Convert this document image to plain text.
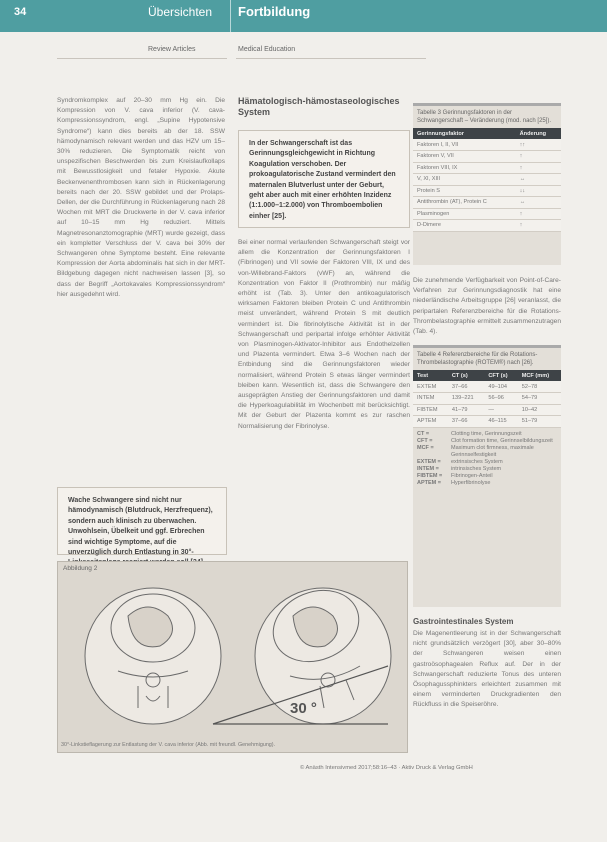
34	Übersichten Fortbildung
Review Articles	Medical Education
Syndromkomplex auf 20–30 mm Hg ein. Die Kompression von V. cava inferior (V. cava-Kompressionssyndrom, engl. „Supine Hypotensive Syndrome“) kann dies bereits ab der 18. SSW hämodynamisch relevant werden und das HZV um 15–30% reduzieren. Die Symptomatik reicht von unspezifischen Beschwerden bis zum Kreislaufkollaps mit Bewusstlosigkeit und fetaler Hypoxie. Akute Beckenvenenthrombosen kann sich in Rückenlagerung bereits nach der 20. SSW gebildet und der Prolaps-Dellen, der die Durchführung in Rückenlagerung nach 28 Wochen mit MRT die Druckwerte in der V. cava inferior auf 10–15 mm Hg reduziert. Mittels Magnetresonanztomographie (MRT) wurde gezeigt, dass ein kompletter Verschluss der V. cava bei 30% der Schwangeren ohne Symptome besteht. Eine relevante Kompression der Aorta abdominalis hat sich in der MRT-Bildgebung dagegen nicht nachweisen lassen [3], so dass der Begriff „Aortokavales Kompressionssyndrom“ hier ausgedehnt wird.
Wache Schwangere sind nicht nur hämodynamisch (Blutdruck, Herzfrequenz), sondern auch klinisch zu überwachen. Unwohlsein, Übelkeit und ggf. Erbrechen sind wichtige Symptome, auf die unverzüglich durch Entlastung in 30°-
Hämatologisch-hämostaseologisches System
In der Schwangerschaft ist das Gerinnungsgleichgewicht in Richtung Koagulation verschoben. Der prokoagulatorische Zustand vermindert den maternalen Blutverlust unter der Geburt, geht aber auch mit einer erhöhten Inzidenz (1:1.000–1:2.000) von Thromboembolien einher [25].
Bei einer normal verlaufenden Schwangerschaft steigt vor allem die Konzentration der Gerinnungsfaktoren I (Fibrinogen) und VII sowie der Faktoren VIII, IX und des von-Willebrand-Faktors (vWF) an, während die Konzentration von Faktor II (Prothrombin) nur mäßig erhöht ist (Tab. 3). Unter den antikoagulatorisch wirksamen Faktoren bleiben Protein C und Antithrombin meist unverändert, während Protein S mit deutlich vermindert ist. Die fibrinolytische Aktivität ist in der Schwangerschaft und peripartal infolge erhöhter Aktivität von Plasminogen-Aktivator-Inhibitor aus Endothelzellen und Plazenta vermindert. Etwa 3–6 Wochen nach der Entbindung sind die Gerinnungsfaktoren wieder normalisiert, während Protein S etwas länger vermindert bleiben kann. Wesentlich ist, dass die Schwangere den ausgeprägten Anstieg der Gerinnungsfaktoren und damit die Hyperkoagulabilität im Wochenbett mit berücksichtigt. Mit der Geburt der Plazenta kommt es zur raschen Normalisierung der Fibrinolyse.
Tabelle 3 Gerinnungsfaktoren in der Schwangerschaft – Veränderung (mod. nach [25]).
Gerinnungsfaktor	Änderung
Faktoren I, II, VII	↑↑
Faktoren V, VII	↑
Faktoren VIII, IX	↑
V, XI, XIII	↔
Protein S	↓↓
Antithrombin (AT), Protein C	↔
Plasminogen	↑
D-Dimere	↑
Die zunehmende Verfügbarkeit von Point-of-Care-Verfahren zur Gerinnungsdiagnostik hat eine niederländische Arbeitsgruppe [26] veranlasst, die peripartalen Referenzbereiche für die Rotations-Thrombelastographie ermittelt zusammenzutragen (Tab. 4).
Tabelle 4 Referenzbereiche für die Rotations-Thrombelastographie (ROTEM®) nach [26].
Test	CT (s)	CFT (s)	MCF (mm)
EXTEM	37–66	49–104	52–78
INTEM	139–221	56–96	54–79
FIBTEM	41–79	—	10–42
APTEM	37–66	46–115	51–79
CT =	Clotting time, Gerinnungszeit
CFT =	Clot formation time, Gerinnselbildungszeit
MCF =	Maximum clot firmness, maximale Gerinnselfestigkeit
EXTEM =	extrinsisches System
INTEM =	intrinsisches System
FIBTEM =	Fibrinogen-Anteil
APTEM =	Hyperfibrinolyse
Gastrointestinales System
Die Magenentleerung ist in der Schwangerschaft nicht grundsätzlich verzögert [30], aber 30–80% der Schwangeren weisen einen gastroösophagealen Reflux auf. Der in der Schwangerschaft reduzierte Tonus des unteren Ösophagussphinkters erleichtert zusammen mit einem verminderten Druckgradienten den Rückfluss in die Speiseröhre.
Abbildung 2
30 °
30°-Linkstieflagerung zur Entlastung der V. cava inferior (Abb. mit freundl. Genehmigung).
© Anästh Intensivmed 2017;58:16–43 · Aktiv Druck & Verlag GmbH
